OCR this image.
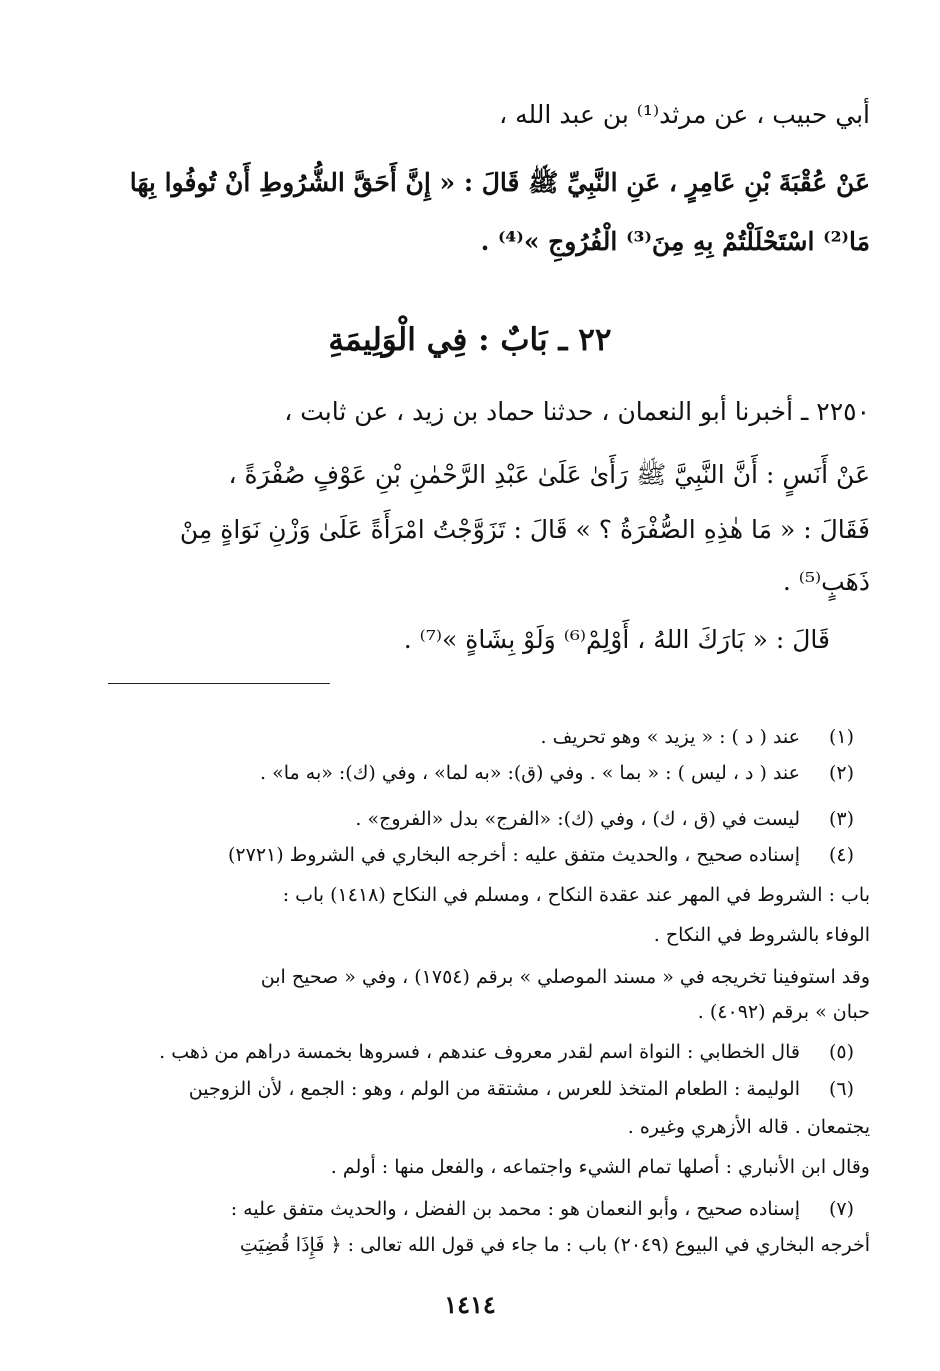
أبي حبيب ، عن مرثد⁽¹⁾ بن عبد الله ،
عَنْ عُقْبَةَ بْنِ عَامِرٍ ، عَنِ النَّبِيِّ ﷺ قَالَ : « إِنَّ أَحَقَّ الشُّرُوطِ أَنْ تُوفُوا بِهَا
مَا⁽²⁾ اسْتَحْلَلْتُمْ بِهِ مِنَ⁽³⁾ الْفُرُوجِ »⁽⁴⁾ .
٢٢ ـ بَابٌ : فِي الْوَلِيمَةِ
٢٢٥٠ ـ أخبرنا أبو النعمان ، حدثنا حماد بن زيد ، عن ثابت ،
عَنْ أَنَسٍ : أَنَّ النَّبِيَّ ﷺ رَأَىٰ عَلَىٰ عَبْدِ الرَّحْمٰنِ بْنِ عَوْفٍ صُفْرَةً ،
فَقَالَ : « مَا هٰذِهِ الصُّفْرَةُ ؟ » قَالَ : تَزَوَّجْتُ امْرَأَةً عَلَىٰ وَزْنِ نَوَاةٍ مِنْ
ذَهَبٍ⁽⁵⁾ .
قَالَ : « بَارَكَ اللهُ ، أَوْلِمْ⁽⁶⁾ وَلَوْ بِشَاةٍ »⁽⁷⁾ .
(١)
عند ( د ) : « يزيد » وهو تحريف .
(٢)
عند ( د ، ليس ) : « بما » . وفي (ق): «به لما» ، وفي (ك): «به ما» .
(٣)
ليست في (ق ، ك) ، وفي (ك): «الفرج» بدل «الفروج» .
(٤)
إسناده صحيح ، والحديث متفق عليه : أخرجه البخاري في الشروط (٢٧٢١)
باب : الشروط في المهر عند عقدة النكاح ، ومسلم في النكاح (١٤١٨) باب :
الوفاء بالشروط في النكاح .
وقد استوفينا تخريجه في « مسند الموصلي » برقم (١٧٥٤) ، وفي « صحيح ابن
حبان » برقم (٤٠٩٢) .
(٥)
قال الخطابي : النواة اسم لقدر معروف عندهم ، فسروها بخمسة دراهم من ذهب .
(٦)
الوليمة : الطعام المتخذ للعرس ، مشتقة من الولم ، وهو : الجمع ، لأن الزوجين
يجتمعان . قاله الأزهري وغيره .
وقال ابن الأنباري : أصلها تمام الشيء واجتماعه ، والفعل منها : أولم .
(٧)
إسناده صحيح ، وأبو النعمان هو : محمد بن الفضل ، والحديث متفق عليه :
أخرجه البخاري في البيوع (٢٠٤٩) باب : ما جاء في قول الله تعالى : ﴿ فَإِذَا قُضِيَتِ
١٤١٤
